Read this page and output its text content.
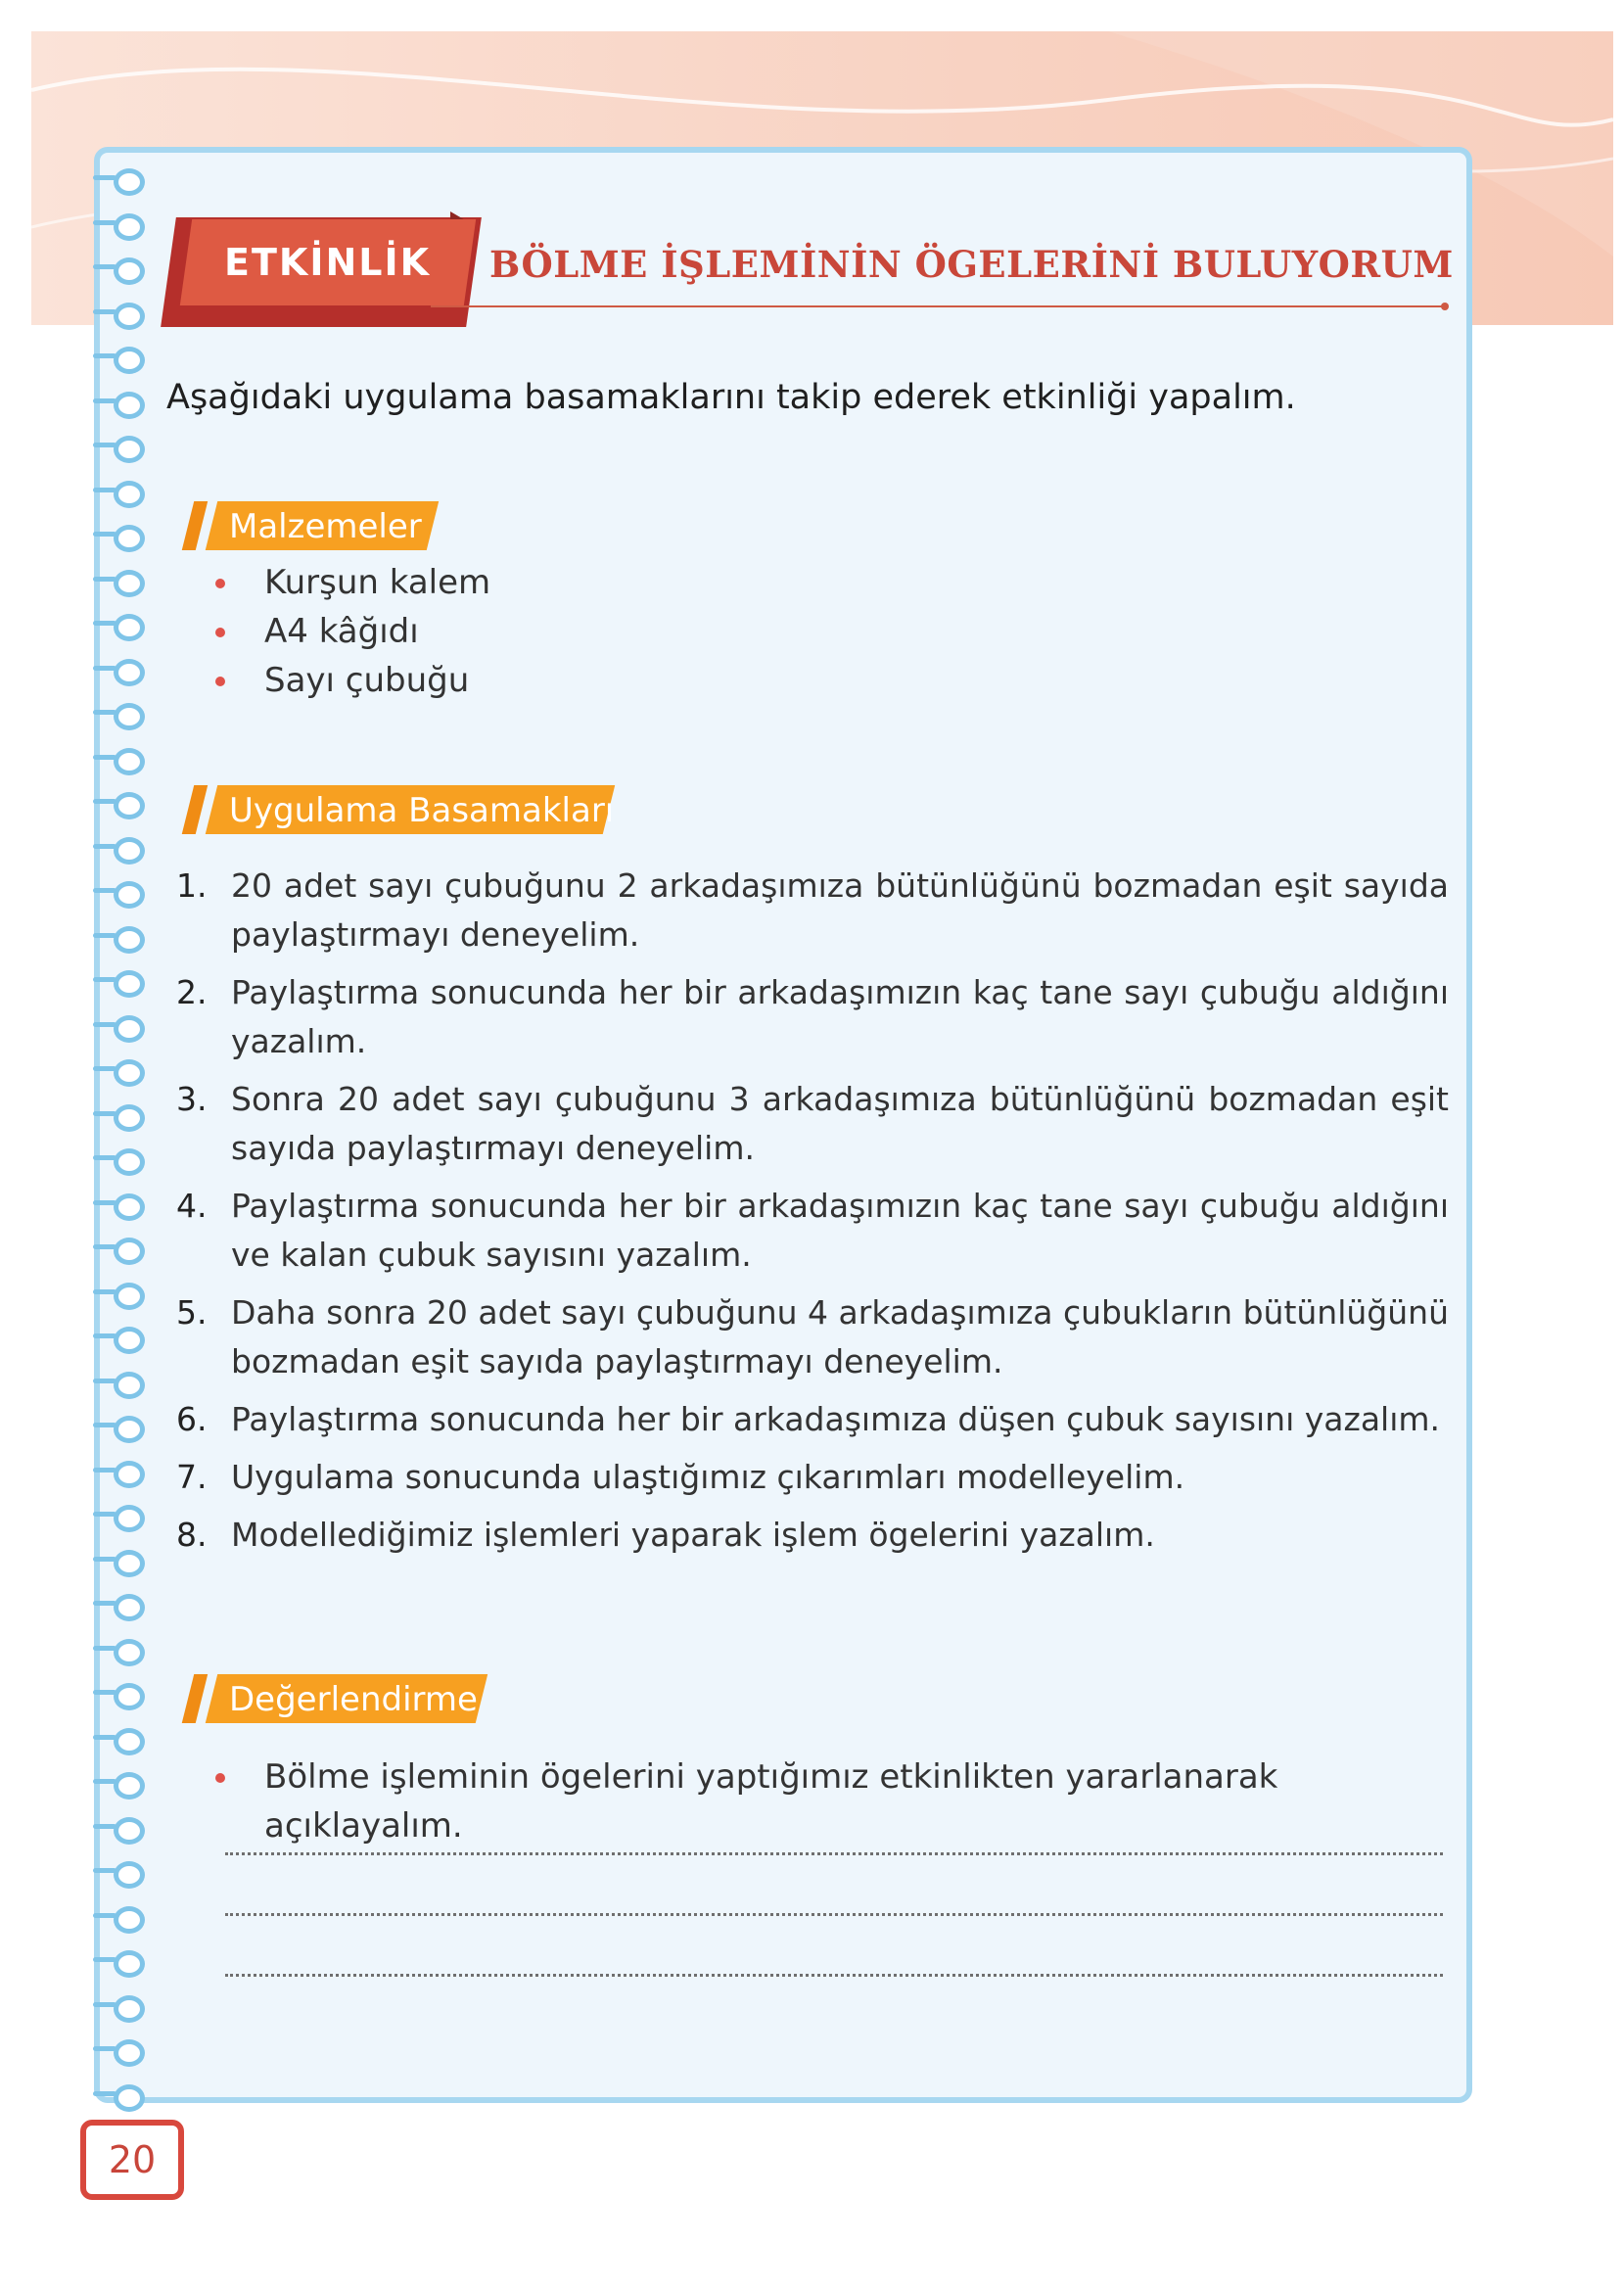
ETKİNLİK BÖLME İŞLEMİNİN ÖGELERİNİ BULUYORUM
Aşağıdaki uygulama basamaklarını takip ederek etkinliği yapalım.
Malzemeler
Kurşun kalem
A4 kâğıdı
Sayı çubuğu
Uygulama Basamakları
1. 20 adet sayı çubuğunu 2 arkadaşımıza bütünlüğünü bozmadan eşit sayıda paylaştırmayı deneyelim.
2. Paylaştırma sonucunda her bir arkadaşımızın kaç tane sayı çubuğu aldığını yazalım.
3. Sonra 20 adet sayı çubuğunu 3 arkadaşımıza bütünlüğünü bozmadan eşit sayıda paylaştırmayı deneyelim.
4. Paylaştırma sonucunda her bir arkadaşımızın kaç tane sayı çubuğu aldığını ve kalan çubuk sayısını yazalım.
5. Daha sonra 20 adet sayı çubuğunu 4 arkadaşımıza çubukların bütünlüğünü bozmadan eşit sayıda paylaştırmayı deneyelim.
6. Paylaştırma sonucunda her bir arkadaşımıza düşen çubuk sayısını yazalım.
7. Uygulama sonucunda ulaştığımız çıkarımları modelleyelim.
8. Modellediğimiz işlemleri yaparak işlem ögelerini yazalım.
Değerlendirme
Bölme işleminin ögelerini yaptığımız etkinlikten yararlanarak açıklayalım.
20
